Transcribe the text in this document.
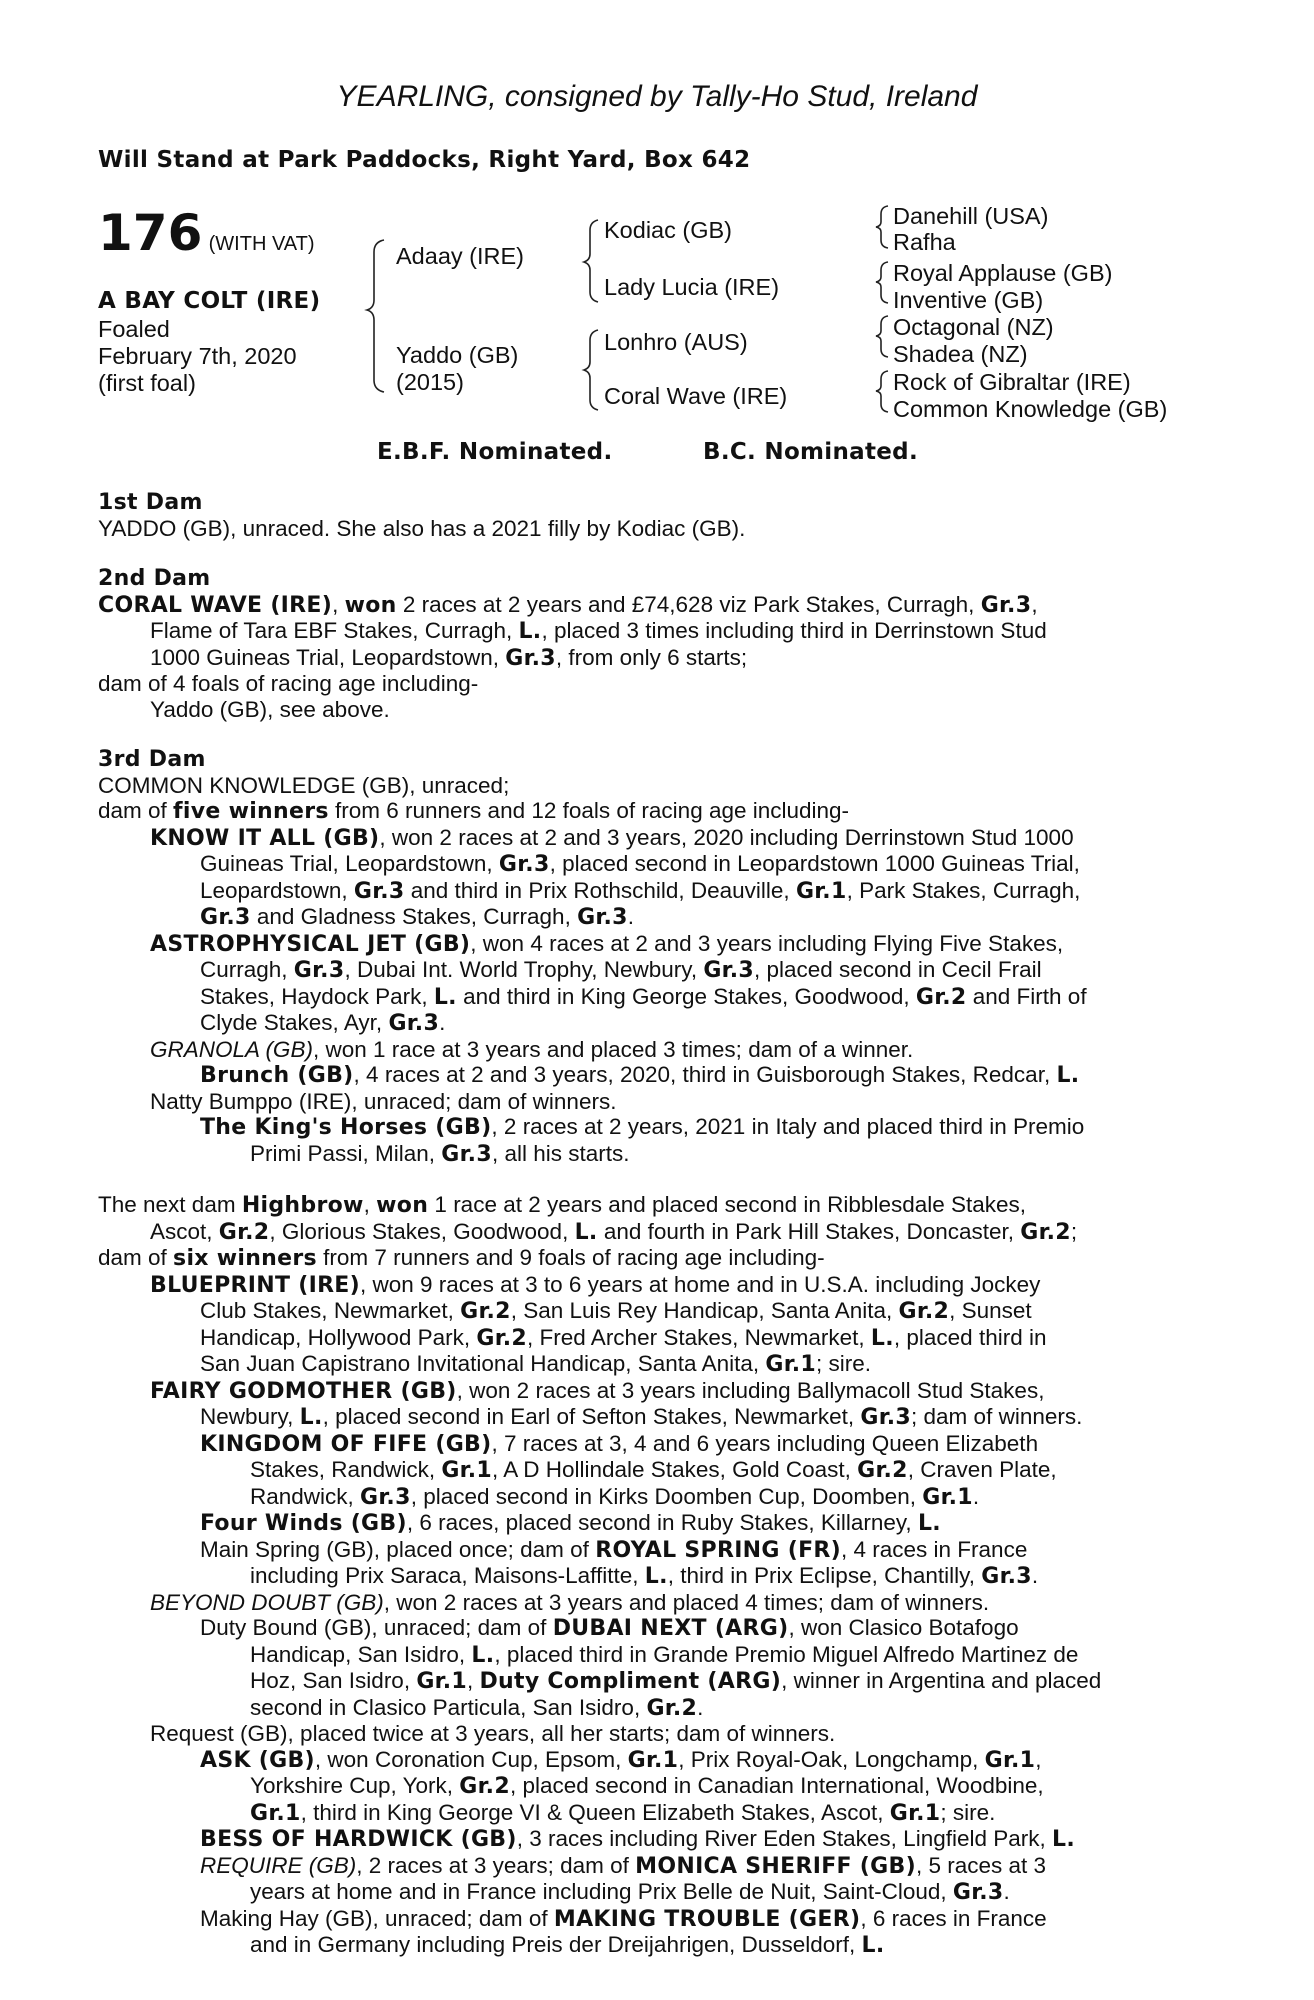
YEARLING, consigned by Tally-Ho Stud, Ireland
Will Stand at Park Paddocks, Right Yard, Box 642
176 (WITH VAT)
A BAY COLT (IRE)
Foaled
February 7th, 2020
(first foal)
Adaay (IRE)
Yaddo (GB)
(2015)
Kodiac (GB)
Lady Lucia (IRE)
Lonhro (AUS)
Coral Wave (IRE)
Danehill (USA)
Rafha
Royal Applause (GB)
Inventive (GB)
Octagonal (NZ)
Shadea (NZ)
Rock of Gibraltar (IRE)
Common Knowledge (GB)
E.B.F. Nominated.	B.C. Nominated.
1st Dam
YADDO (GB), unraced. She also has a 2021 filly by Kodiac (GB).
2nd Dam
CORAL WAVE (IRE), won 2 races at 2 years and £74,628 viz Park Stakes, Curragh, Gr.3,
Flame of Tara EBF Stakes, Curragh, L., placed 3 times including third in Derrinstown Stud
1000 Guineas Trial, Leopardstown, Gr.3, from only 6 starts;
dam of 4 foals of racing age including-
Yaddo (GB), see above.
3rd Dam
COMMON KNOWLEDGE (GB), unraced;
dam of five winners from 6 runners and 12 foals of racing age including-
KNOW IT ALL (GB), won 2 races at 2 and 3 years, 2020 including Derrinstown Stud 1000
Guineas Trial, Leopardstown, Gr.3, placed second in Leopardstown 1000 Guineas Trial,
Leopardstown, Gr.3 and third in Prix Rothschild, Deauville, Gr.1, Park Stakes, Curragh,
Gr.3 and Gladness Stakes, Curragh, Gr.3.
ASTROPHYSICAL JET (GB), won 4 races at 2 and 3 years including Flying Five Stakes,
Curragh, Gr.3, Dubai Int. World Trophy, Newbury, Gr.3, placed second in Cecil Frail
Stakes, Haydock Park, L. and third in King George Stakes, Goodwood, Gr.2 and Firth of
Clyde Stakes, Ayr, Gr.3.
GRANOLA (GB), won 1 race at 3 years and placed 3 times; dam of a winner.
Brunch (GB), 4 races at 2 and 3 years, 2020, third in Guisborough Stakes, Redcar, L.
Natty Bumppo (IRE), unraced; dam of winners.
The King's Horses (GB), 2 races at 2 years, 2021 in Italy and placed third in Premio
Primi Passi, Milan, Gr.3, all his starts.
The next dam Highbrow, won 1 race at 2 years and placed second in Ribblesdale Stakes,
Ascot, Gr.2, Glorious Stakes, Goodwood, L. and fourth in Park Hill Stakes, Doncaster, Gr.2;
dam of six winners from 7 runners and 9 foals of racing age including-
BLUEPRINT (IRE), won 9 races at 3 to 6 years at home and in U.S.A. including Jockey
Club Stakes, Newmarket, Gr.2, San Luis Rey Handicap, Santa Anita, Gr.2, Sunset
Handicap, Hollywood Park, Gr.2, Fred Archer Stakes, Newmarket, L., placed third in
San Juan Capistrano Invitational Handicap, Santa Anita, Gr.1; sire.
FAIRY GODMOTHER (GB), won 2 races at 3 years including Ballymacoll Stud Stakes,
Newbury, L., placed second in Earl of Sefton Stakes, Newmarket, Gr.3; dam of winners.
KINGDOM OF FIFE (GB), 7 races at 3, 4 and 6 years including Queen Elizabeth
Stakes, Randwick, Gr.1, A D Hollindale Stakes, Gold Coast, Gr.2, Craven Plate,
Randwick, Gr.3, placed second in Kirks Doomben Cup, Doomben, Gr.1.
Four Winds (GB), 6 races, placed second in Ruby Stakes, Killarney, L.
Main Spring (GB), placed once; dam of ROYAL SPRING (FR), 4 races in France
including Prix Saraca, Maisons-Laffitte, L., third in Prix Eclipse, Chantilly, Gr.3.
BEYOND DOUBT (GB), won 2 races at 3 years and placed 4 times; dam of winners.
Duty Bound (GB), unraced; dam of DUBAI NEXT (ARG), won Clasico Botafogo
Handicap, San Isidro, L., placed third in Grande Premio Miguel Alfredo Martinez de
Hoz, San Isidro, Gr.1, Duty Compliment (ARG), winner in Argentina and placed
second in Clasico Particula, San Isidro, Gr.2.
Request (GB), placed twice at 3 years, all her starts; dam of winners.
ASK (GB), won Coronation Cup, Epsom, Gr.1, Prix Royal-Oak, Longchamp, Gr.1,
Yorkshire Cup, York, Gr.2, placed second in Canadian International, Woodbine,
Gr.1, third in King George VI & Queen Elizabeth Stakes, Ascot, Gr.1; sire.
BESS OF HARDWICK (GB), 3 races including River Eden Stakes, Lingfield Park, L.
REQUIRE (GB), 2 races at 3 years; dam of MONICA SHERIFF (GB), 5 races at 3
years at home and in France including Prix Belle de Nuit, Saint-Cloud, Gr.3.
Making Hay (GB), unraced; dam of MAKING TROUBLE (GER), 6 races in France
and in Germany including Preis der Dreijahrigen, Dusseldorf, L.
